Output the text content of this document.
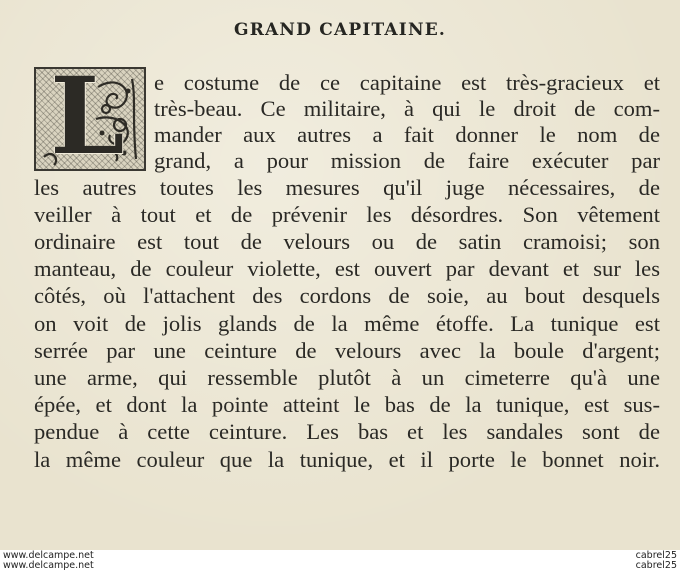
GRAND CAPITAINE.
L e costume de ce capitaine est très-gracieux et
très-beau. Ce militaire, à qui le droit de com-
mander aux autres a fait donner le nom de
grand, a pour mission de faire exécuter par
les autres toutes les mesures qu'il juge nécessaires, de
veiller à tout et de prévenir les désordres. Son vêtement
ordinaire est tout de velours ou de satin cramoisi; son
manteau, de couleur violette, est ouvert par devant et sur les
côtés, où l'attachent des cordons de soie, au bout desquels
on voit de jolis glands de la même étoffe. La tunique est
serrée par une ceinture de velours avec la boule d'argent;
une arme, qui ressemble plutôt à un cimeterre qu'à une
épée, et dont la pointe atteint le bas de la tunique, est sus-
pendue à cette ceinture. Les bas et les sandales sont de
la même couleur que la tunique, et il porte le bonnet noir.
www.delcampe.net
www.delcampe.net
cabrel25
cabrel25
